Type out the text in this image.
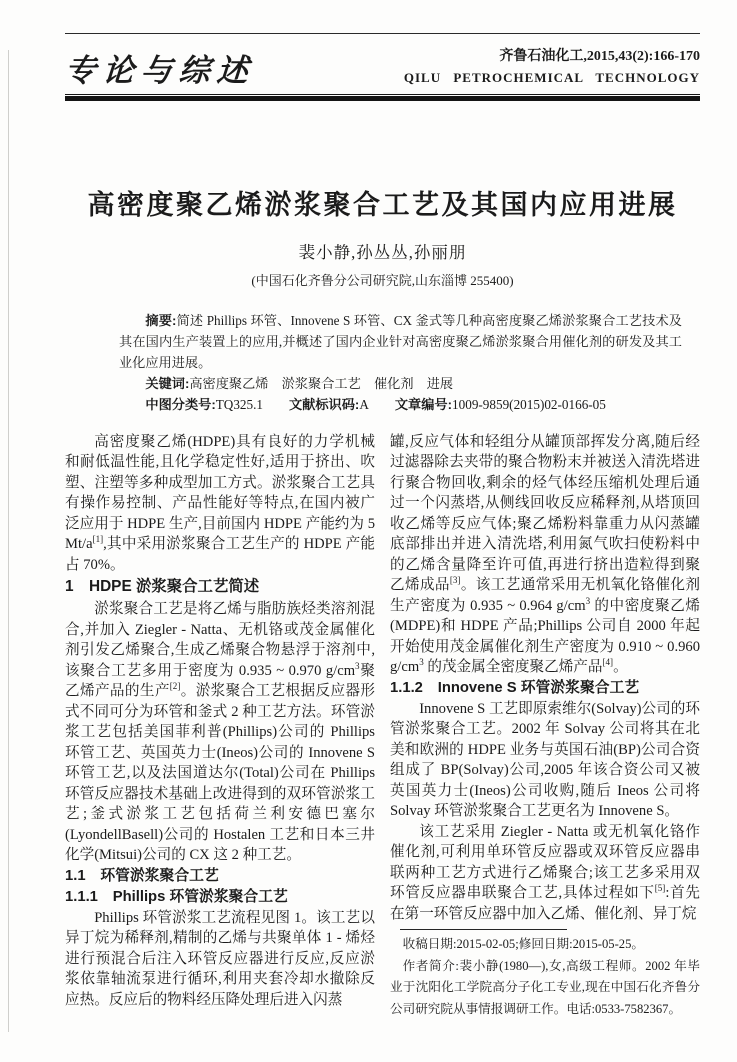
专论与综述	齐鲁石油化工,2015,43(2):166-170
QILU PETROCHEMICAL TECHNOLOGY
高密度聚乙烯淤浆聚合工艺及其国内应用进展
裴小静,孙丛丛,孙丽朋
(中国石化齐鲁分公司研究院,山东淄博 255400)

摘要:简述 Phillips 环管、Innovene S 环管、CX 釜式等几种高密度聚乙烯淤浆聚合工艺技术及其在国内生产装置上的应用,并概述了国内企业针对高密度聚乙烯淤浆聚合用催化剂的研发及其工业化应用进展。

关键词:高密度聚乙烯　淤浆聚合工艺　催化剂　进展

中图分类号:TQ325.1 文献标识码:A 文章编号:1009-9859(2015)02-0166-05

高密度聚乙烯(HDPE)具有良好的力学机械和耐低温性能,且化学稳定性好,适用于挤出、吹塑、注塑等多种成型加工方式。淤浆聚合工艺具有操作易控制、产品性能好等特点,在国内被广泛应用于 HDPE 生产,目前国内 HDPE 产能约为 5 Mt/a[1],其中采用淤浆聚合工艺生产的 HDPE 产能占 70%。

1　HDPE 淤浆聚合工艺简述

淤浆聚合工艺是将乙烯与脂肪族烃类溶剂混合,并加入 Ziegler - Natta、无机铬或茂金属催化剂引发乙烯聚合,生成乙烯聚合物悬浮于溶剂中,该聚合工艺多用于密度为 0.935 ~ 0.970 $g/cm^3$聚乙烯产品的生产[2]。淤浆聚合工艺根据反应器形式不同可分为环管和釜式 2 种工艺方法。环管淤浆工艺包括美国菲利普(Phillips)公司的 Phillips 环管工艺、英国英力士(Ineos)公司的 Innovene S 环管工艺,以及法国道达尔(Total)公司在 Phillips 环管反应器技术基础上改进得到的双环管淤浆工艺;釜式淤浆工艺包括荷兰利安德巴塞尔(LyondellBasell)公司的 Hostalen 工艺和日本三井化学(Mitsui)公司的 CX 这 2 种工艺。

1.1　环管淤浆聚合工艺
1.1.1　Phillips 环管淤浆聚合工艺

Phillips 环管淤浆工艺流程见图 1。该工艺以异丁烷为稀释剂,精制的乙烯与共聚单体 1 - 烯烃进行预混合后注入环管反应器进行反应,反应淤浆依靠轴流泵进行循环,利用夹套冷却水撤除反应热。反应后的物料经压降处理后进入闪蒸

罐,反应气体和轻组分从罐顶部挥发分离,随后经过滤器除去夹带的聚合物粉末并被送入清洗塔进行聚合物回收,剩余的烃气体经压缩机处理后通过一个闪蒸塔,从侧线回收反应稀释剂,从塔顶回收乙烯等反应气体;聚乙烯粉料靠重力从闪蒸罐底部排出并进入清洗塔,利用氮气吹扫使粉料中的乙烯含量降至许可值,再进行挤出造粒得到聚乙烯成品[3]。该工艺通常采用无机氧化铬催化剂生产密度为 0.935 ~ 0.964 $g/cm^3$ 的中密度聚乙烯(MDPE)和 HDPE 产品;Phillips 公司自 2000 年起开始使用茂金属催化剂生产密度为 0.910 ~ 0.960 $g/cm^3$ 的茂金属全密度聚乙烯产品[4]。

1.1.2　Innovene S 环管淤浆聚合工艺

Innovene S 工艺即原索维尔(Solvay)公司的环管淤浆聚合工艺。2002 年 Solvay 公司将其在北美和欧洲的 HDPE 业务与英国石油(BP)公司合资组成了 BP(Solvay)公司,2005 年该合资公司又被英国英力士(Ineos)公司收购,随后 Ineos 公司将 Solvay 环管淤浆聚合工艺更名为 Innovene S。

该工艺采用 Ziegler - Natta 或无机氧化铬作催化剂,可利用单环管反应器或双环管反应器串联两种工艺方式进行乙烯聚合;该工艺多采用双环管反应器串联聚合工艺,具体过程如下[5]:首先在第一环管反应器中加入乙烯、催化剂、异丁烷

收稿日期:2015-02-05;修回日期:2015-05-25。

作者简介:裴小静(1980—),女,高级工程师。2002 年毕业于沈阳化工学院高分子化工专业,现在中国石化齐鲁分公司研究院从事情报调研工作。电话:0533-7582367。
